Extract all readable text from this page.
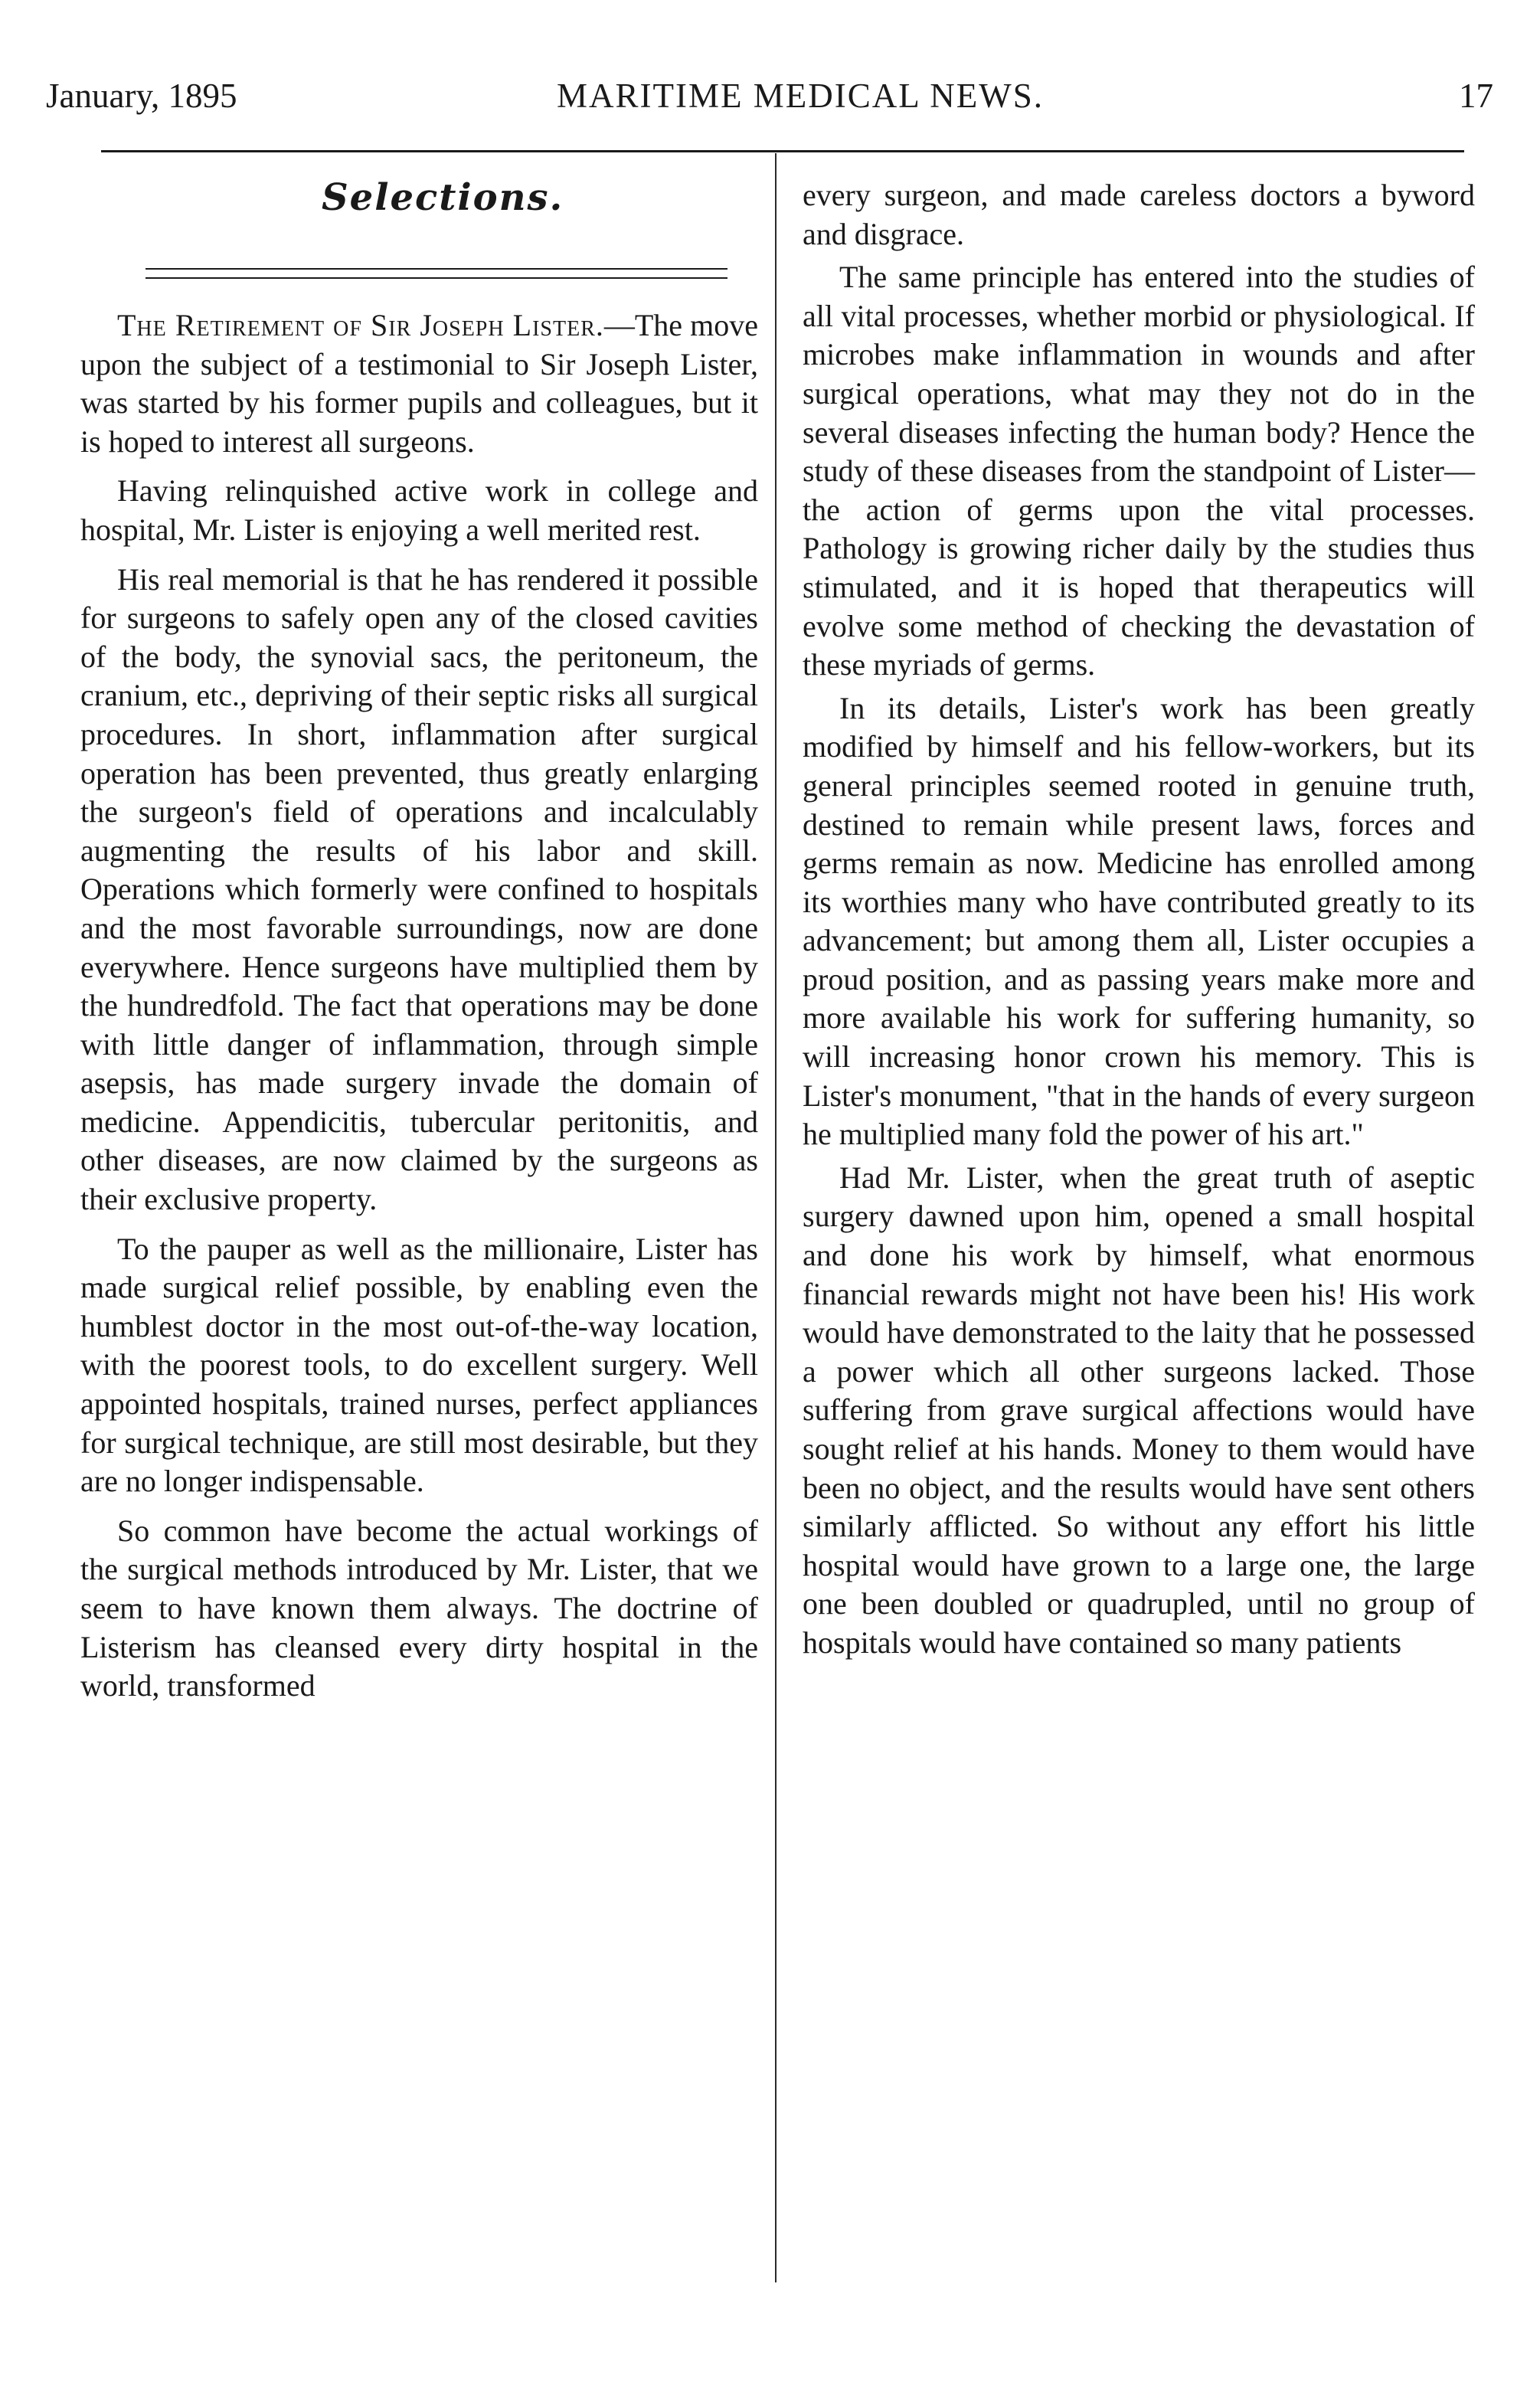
January, 1895	MARITIME MEDICAL NEWS.	17
Selections.

The Retirement of Sir Joseph Lister.—The move upon the subject of a testimonial to Sir Joseph Lister, was started by his former pupils and colleagues, but it is hoped to interest all surgeons.

Having relinquished active work in college and hospital, Mr. Lister is enjoying a well merited rest.

His real memorial is that he has rendered it possible for surgeons to safely open any of the closed cavities of the body, the synovial sacs, the peritoneum, the cranium, etc., depriving of their septic risks all surgical procedures. In short, inflammation after surgical operation has been prevented, thus greatly enlarging the surgeon's field of operations and incalculably augmenting the results of his labor and skill. Operations which formerly were confined to hospitals and the most favorable surroundings, now are done everywhere. Hence surgeons have multiplied them by the hundredfold. The fact that operations may be done with little danger of inflammation, through simple asepsis, has made surgery invade the domain of medicine. Appendicitis, tubercular peritonitis, and other diseases, are now claimed by the surgeons as their exclusive property.

To the pauper as well as the millionaire, Lister has made surgical relief possible, by enabling even the humblest doctor in the most out-of-the-way location, with the poorest tools, to do excellent surgery. Well appointed hospitals, trained nurses, perfect appliances for surgical technique, are still most desirable, but they are no longer indispensable.

So common have become the actual workings of the surgical methods introduced by Mr. Lister, that we seem to have known them always. The doctrine of Listerism has cleansed every dirty hospital in the world, transformed

every surgeon, and made careless doctors a byword and disgrace.

The same principle has entered into the studies of all vital processes, whether morbid or physiological. If microbes make inflammation in wounds and after surgical operations, what may they not do in the several diseases infecting the human body? Hence the study of these diseases from the standpoint of Lister—the action of germs upon the vital processes. Pathology is growing richer daily by the studies thus stimulated, and it is hoped that therapeutics will evolve some method of checking the devastation of these myriads of germs.

In its details, Lister's work has been greatly modified by himself and his fellow-workers, but its general principles seemed rooted in genuine truth, destined to remain while present laws, forces and germs remain as now. Medicine has enrolled among its worthies many who have contributed greatly to its advancement; but among them all, Lister occupies a proud position, and as passing years make more and more available his work for suffering humanity, so will increasing honor crown his memory. This is Lister's monument, "that in the hands of every surgeon he multiplied many fold the power of his art."

Had Mr. Lister, when the great truth of aseptic surgery dawned upon him, opened a small hospital and done his work by himself, what enormous financial rewards might not have been his! His work would have demonstrated to the laity that he possessed a power which all other surgeons lacked. Those suffering from grave surgical affections would have sought relief at his hands. Money to them would have been no object, and the results would have sent others similarly afflicted. So without any effort his little hospital would have grown to a large one, the large one been doubled or quadrupled, until no group of hospitals would have contained so many patients
